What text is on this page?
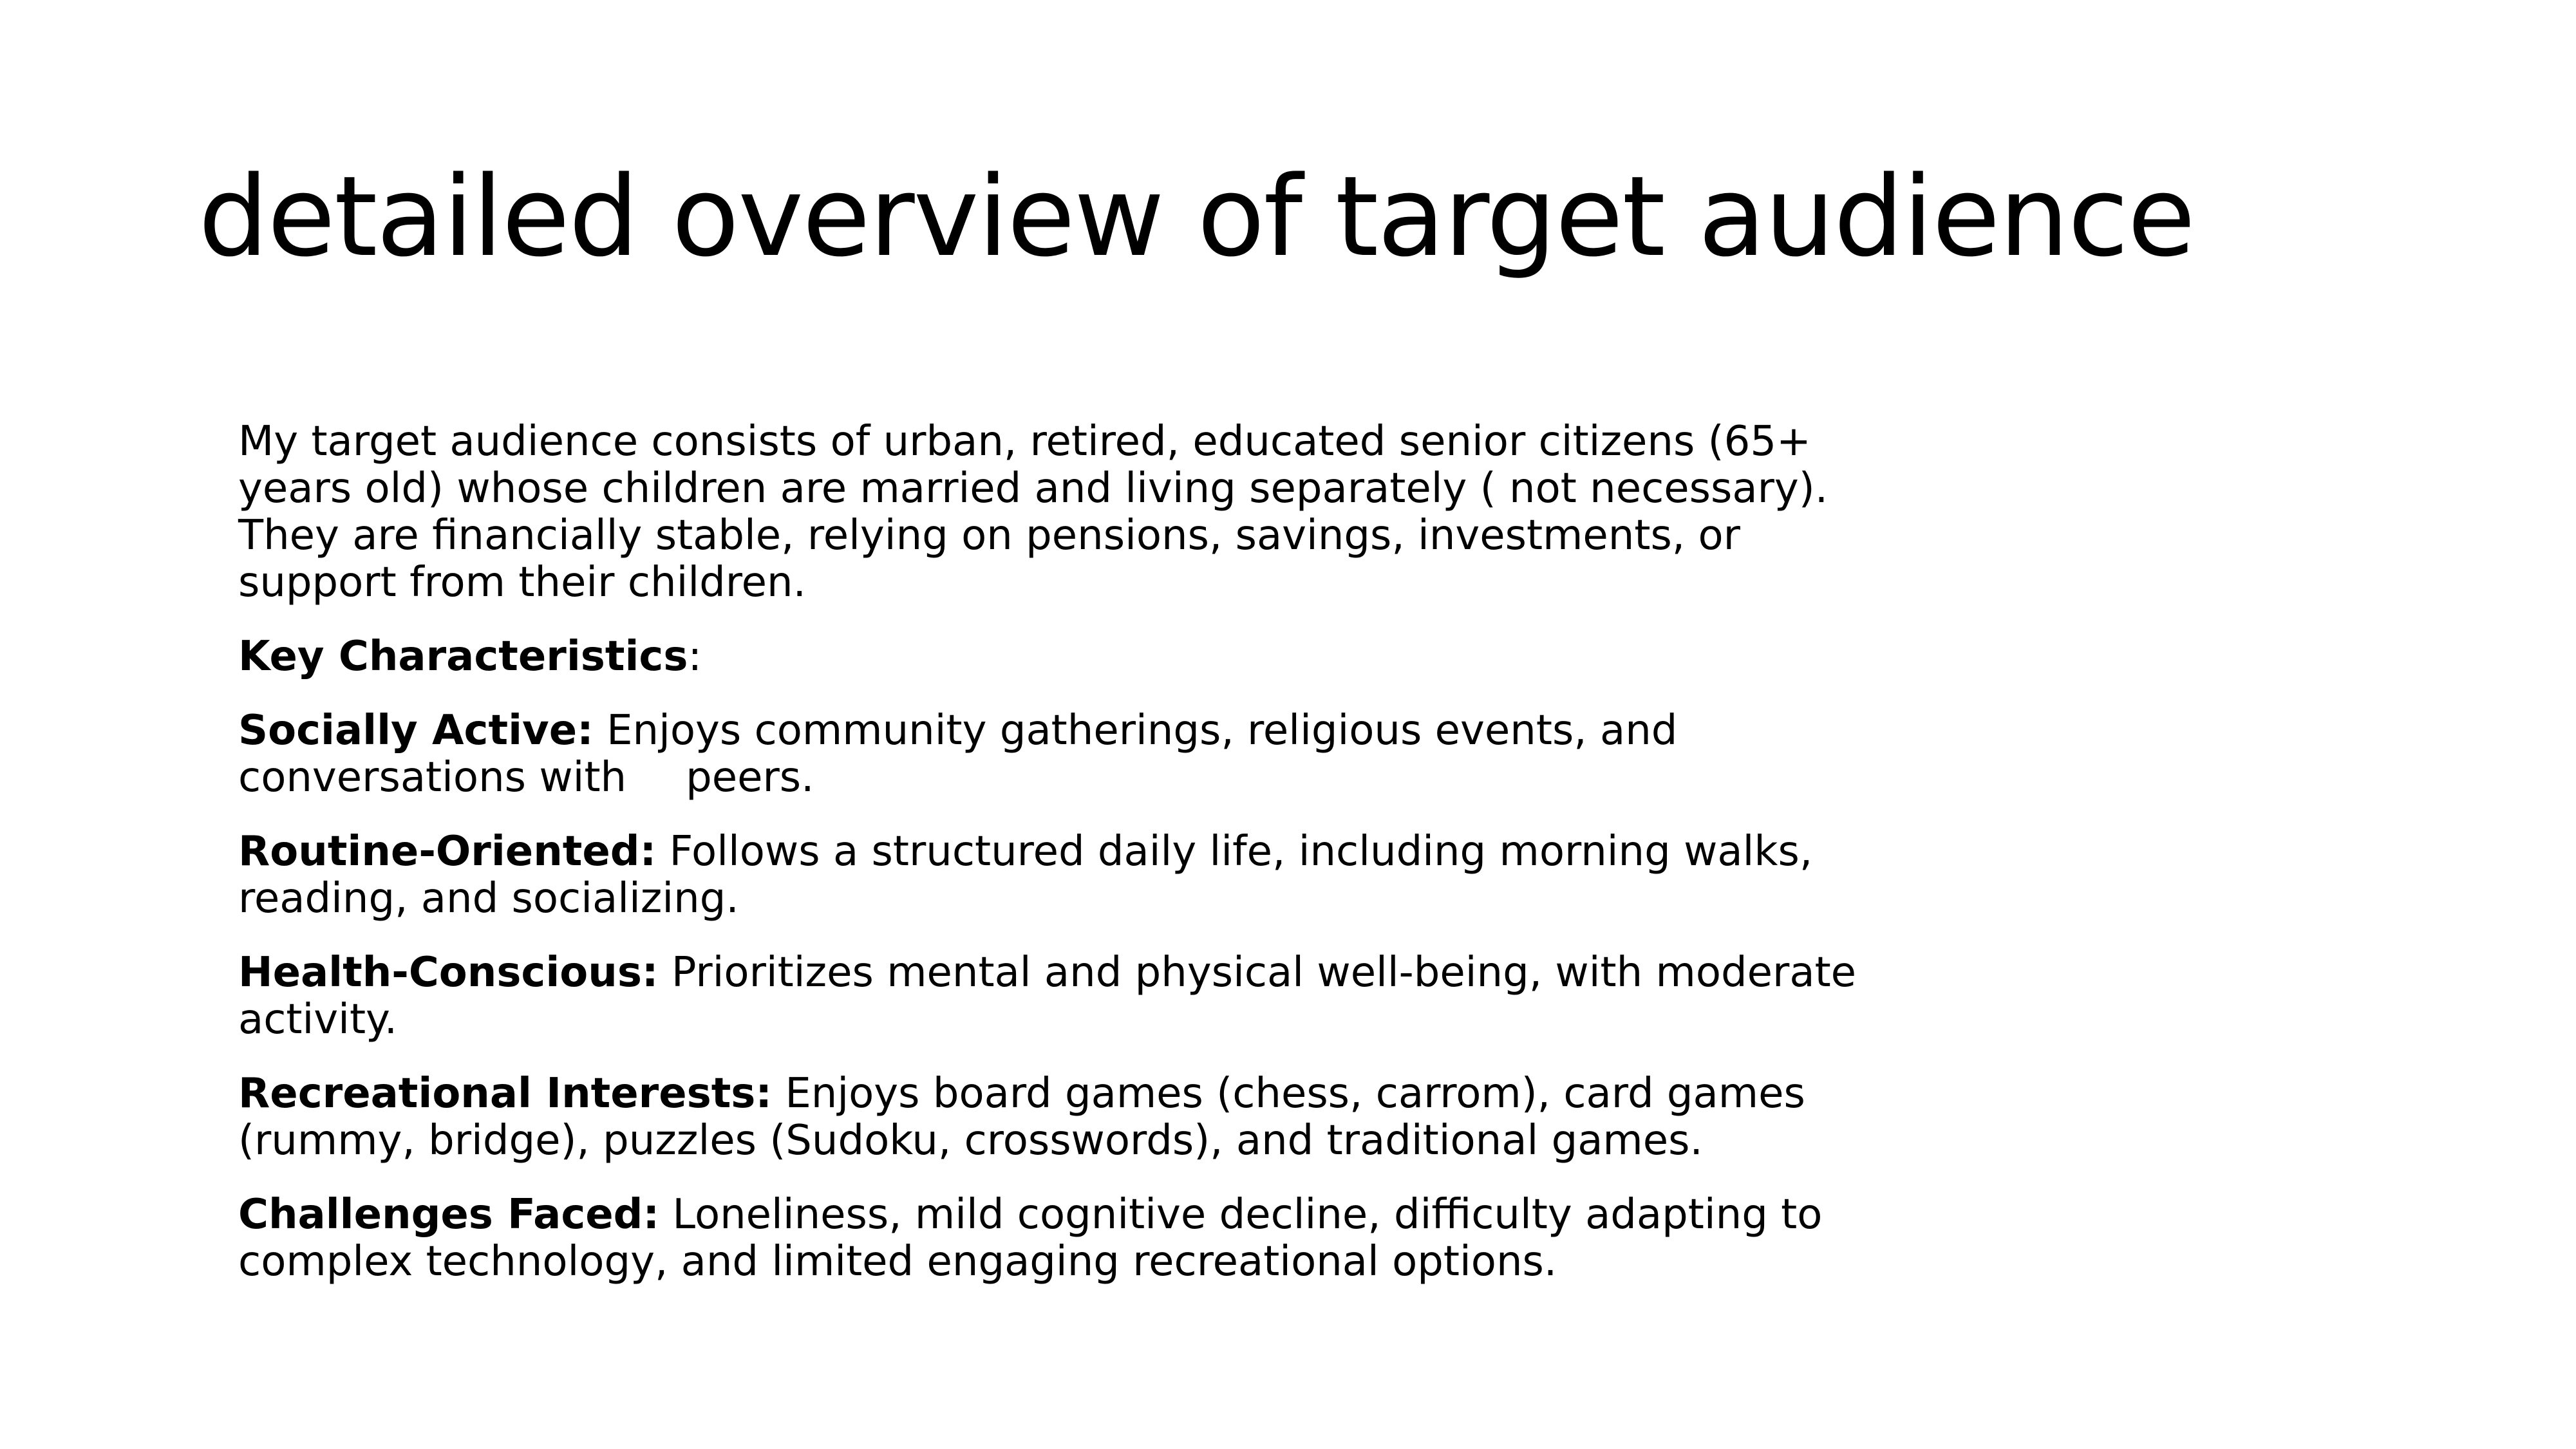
detailed overview of target audience

My target audience consists of urban, retired, educated senior citizens (65+
years old) whose children are married and living separately ( not necessary).
They are financially stable, relying on pensions, savings, investments, or
support from their children.

Key Characteristics:

Socially Active: Enjoys community gatherings, religious events, and
conversations with peers.

Routine-Oriented: Follows a structured daily life, including morning walks,
reading, and socializing.

Health-Conscious: Prioritizes mental and physical well-being, with moderate
activity.

Recreational Interests: Enjoys board games (chess, carrom), card games
(rummy, bridge), puzzles (Sudoku, crosswords), and traditional games.

Challenges Faced: Loneliness, mild cognitive decline, difficulty adapting to
complex technology, and limited engaging recreational options.
